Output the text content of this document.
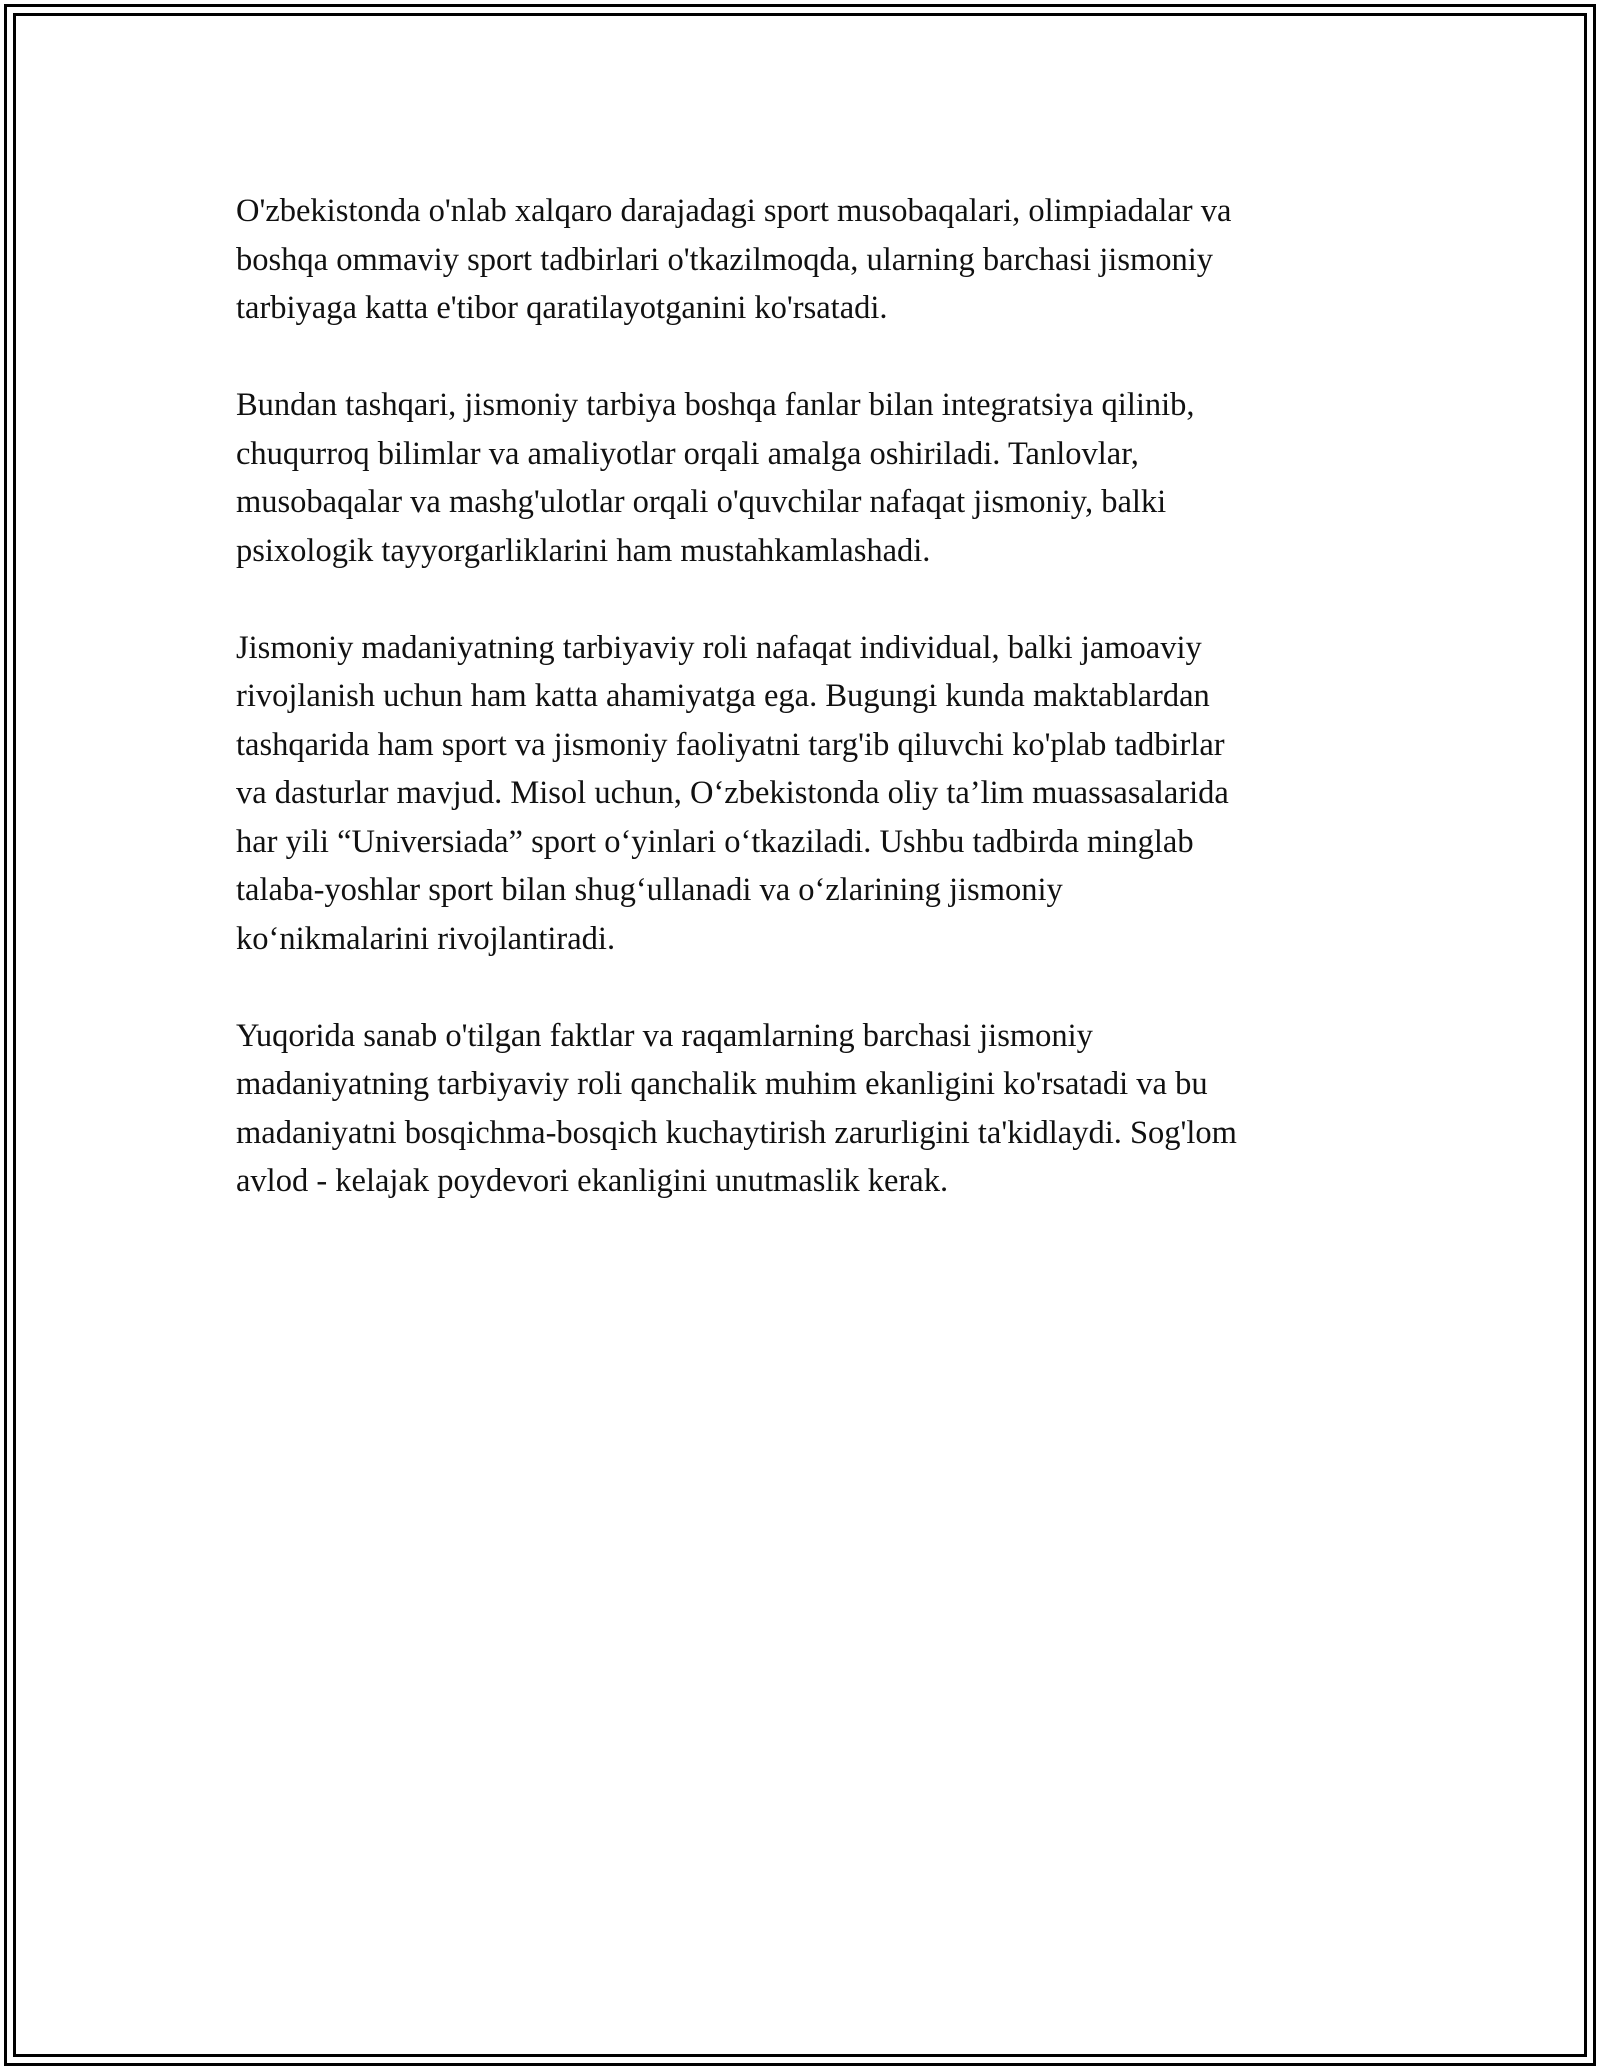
O'zbekistonda o'nlab xalqaro darajadagi sport musobaqalari, olimpiadalar va
boshqa ommaviy sport tadbirlari o'tkazilmoqda, ularning barchasi jismoniy
tarbiyaga katta e'tibor qaratilayotganini ko'rsatadi.

Bundan tashqari, jismoniy tarbiya boshqa fanlar bilan integratsiya qilinib,
chuqurroq bilimlar va amaliyotlar orqali amalga oshiriladi. Tanlovlar,
musobaqalar va mashg'ulotlar orqali o'quvchilar nafaqat jismoniy, balki
psixologik tayyorgarliklarini ham mustahkamlashadi.

Jismoniy madaniyatning tarbiyaviy roli nafaqat individual, balki jamoaviy
rivojlanish uchun ham katta ahamiyatga ega. Bugungi kunda maktablardan
tashqarida ham sport va jismoniy faoliyatni targ'ib qiluvchi ko'plab tadbirlar
va dasturlar mavjud. Misol uchun, O‘zbekistonda oliy ta’lim muassasalarida
har yili “Universiada” sport o‘yinlari o‘tkaziladi. Ushbu tadbirda minglab
talaba-yoshlar sport bilan shug‘ullanadi va o‘zlarining jismoniy
ko‘nikmalarini rivojlantiradi.

Yuqorida sanab o'tilgan faktlar va raqamlarning barchasi jismoniy
madaniyatning tarbiyaviy roli qanchalik muhim ekanligini ko'rsatadi va bu
madaniyatni bosqichma-bosqich kuchaytirish zarurligini ta'kidlaydi. Sog'lom
avlod - kelajak poydevori ekanligini unutmaslik kerak.
